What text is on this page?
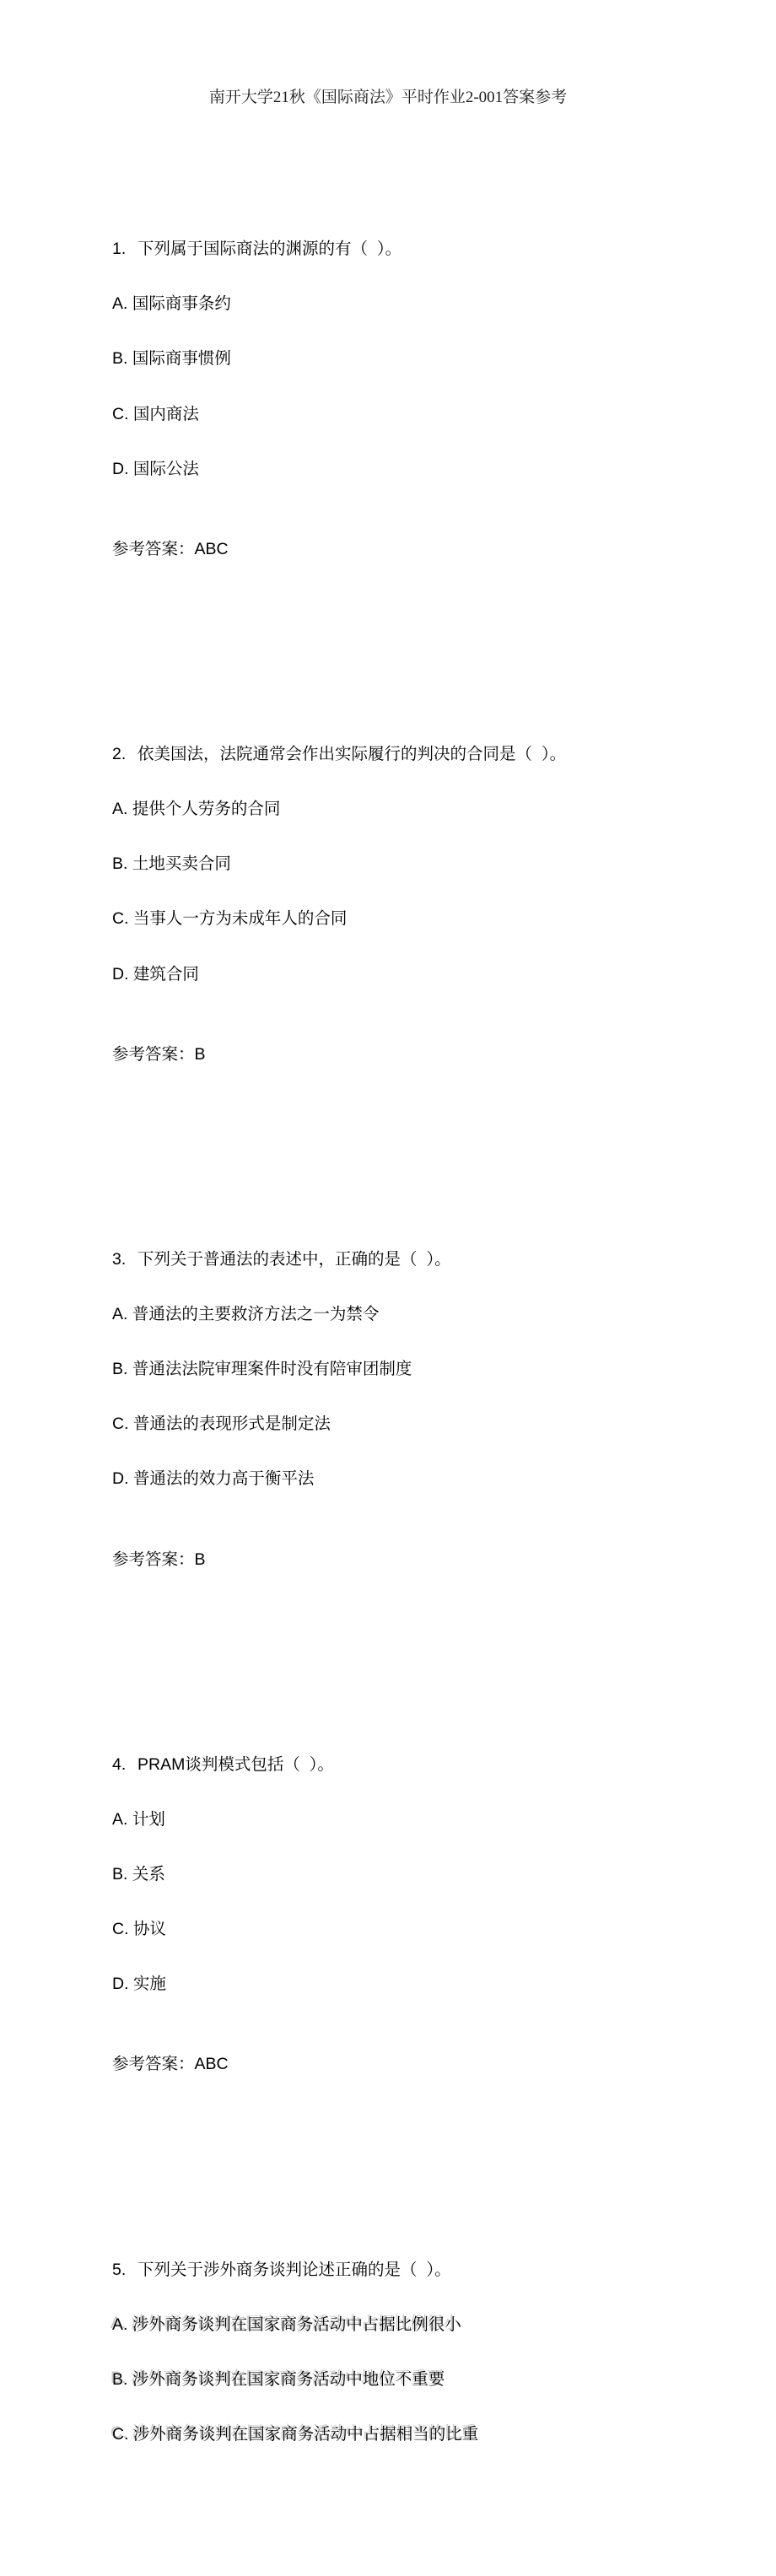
南开大学21秋《国际商法》平时作业2-001答案参考

1. 下列属于国际商法的渊源的有（  ）。

A. 国际商事条约

B. 国际商事惯例

C. 国内商法

D. 国际公法

参考答案：ABC

2. 依美国法，法院通常会作出实际履行的判决的合同是（  ）。

A. 提供个人劳务的合同

B. 土地买卖合同

C. 当事人一方为未成年人的合同

D. 建筑合同

参考答案：B

3. 下列关于普通法的表述中，正确的是（  ）。

A. 普通法的主要救济方法之一为禁令

B. 普通法法院审理案件时没有陪审团制度

C. 普通法的表现形式是制定法

D. 普通法的效力高于衡平法

参考答案：B

4. PRAM谈判模式包括（  ）。

A. 计划

B. 关系

C. 协议

D. 实施

参考答案：ABC

5. 下列关于涉外商务谈判论述正确的是（  ）。

A. 涉外商务谈判在国家商务活动中占据比例很小

B. 涉外商务谈判在国家商务活动中地位不重要

C. 涉外商务谈判在国家商务活动中占据相当的比重
